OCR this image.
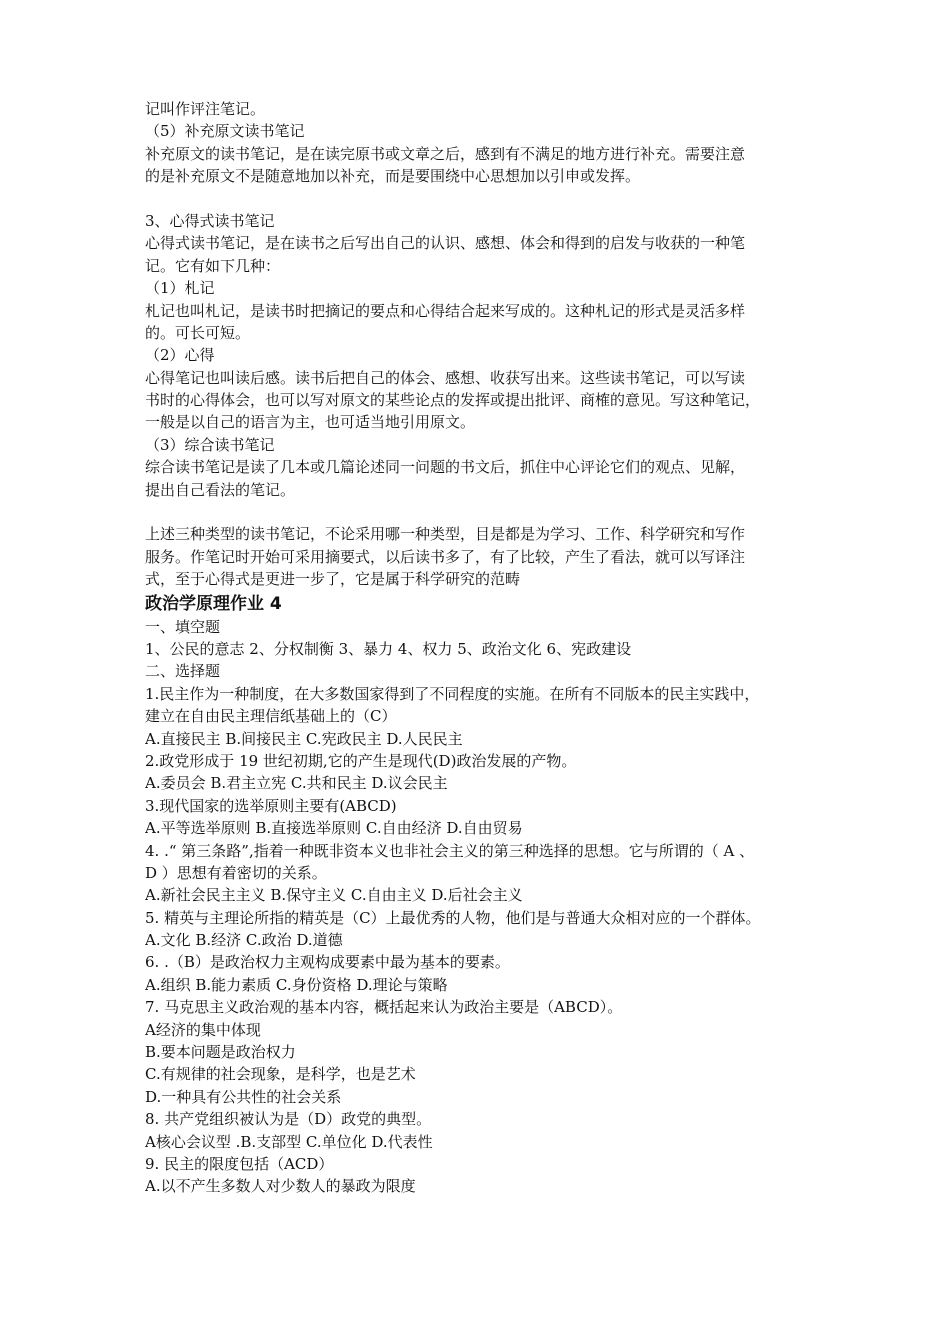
记叫作评注笔记。
（5）补充原文读书笔记
补充原文的读书笔记，是在读完原书或文章之后，感到有不满足的地方进行补充。需要注意
的是补充原文不是随意地加以补充，而是要围绕中心思想加以引申或发挥。
3、心得式读书笔记
心得式读书笔记，是在读书之后写出自己的认识、感想、体会和得到的启发与收获的一种笔
记。它有如下几种：
（1）札记
札记也叫札记，是读书时把摘记的要点和心得结合起来写成的。这种札记的形式是灵活多样
的。可长可短。
（2）心得
心得笔记也叫读后感。读书后把自己的体会、感想、收获写出来。这些读书笔记，可以写读
书时的心得体会，也可以写对原文的某些论点的发挥或提出批评、商榷的意见。写这种笔记，
一般是以自己的语言为主，也可适当地引用原文。
（3）综合读书笔记
综合读书笔记是读了几本或几篇论述同一问题的书文后，抓住中心评论它们的观点、见解，
提出自己看法的笔记。
上述三种类型的读书笔记，不论采用哪一种类型，目是都是为学习、工作、科学研究和写作
服务。作笔记时开始可采用摘要式，以后读书多了，有了比较，产生了看法，就可以写译注
式，至于心得式是更进一步了，它是属于科学研究的范畴
政治学原理作业 4
一、填空题
1、公民的意志 2、分权制衡 3、暴力 4、权力 5、政治文化 6、宪政建设
二、选择题
1.民主作为一种制度，在大多数国家得到了不同程度的实施。在所有不同版本的民主实践中，
建立在自由民主理信纸基础上的（C）
A.直接民主 B.间接民主 C.宪政民主 D.人民民主
2.政党形成于 19 世纪初期,它的产生是现代(D)政治发展的产物。
A.委员会 B.君主立宪 C.共和民主 D.议会民主
3.现代国家的选举原则主要有(ABCD)
A.平等选举原则 B.直接选举原则 C.自由经济 D.自由贸易
4. .“ 第三条路”,指着一种既非资本义也非社会主义的第三种选择的思想。它与所谓的（ A 、
D ）思想有着密切的关系。
A.新社会民主主义 B.保守主义 C.自由主义 D.后社会主义
5. 精英与主理论所指的精英是（C）上最优秀的人物，他们是与普通大众相对应的一个群体。
A.文化 B.经济 C.政治 D.道德
6. .（B）是政治权力主观构成要素中最为基本的要素。
A.组织 B.能力素质 C.身份资格 D.理论与策略
7. 马克思主义政治观的基本内容，概括起来认为政治主要是（ABCD）。
A经济的集中体现
B.要本问题是政治权力
C.有规律的社会现象，是科学，也是艺术
D.一种具有公共性的社会关系
8. 共产党组织被认为是（D）政党的典型。
A核心会议型 .B.支部型 C.单位化 D.代表性
9. 民主的限度包括（ACD）
A.以不产生多数人对少数人的暴政为限度
